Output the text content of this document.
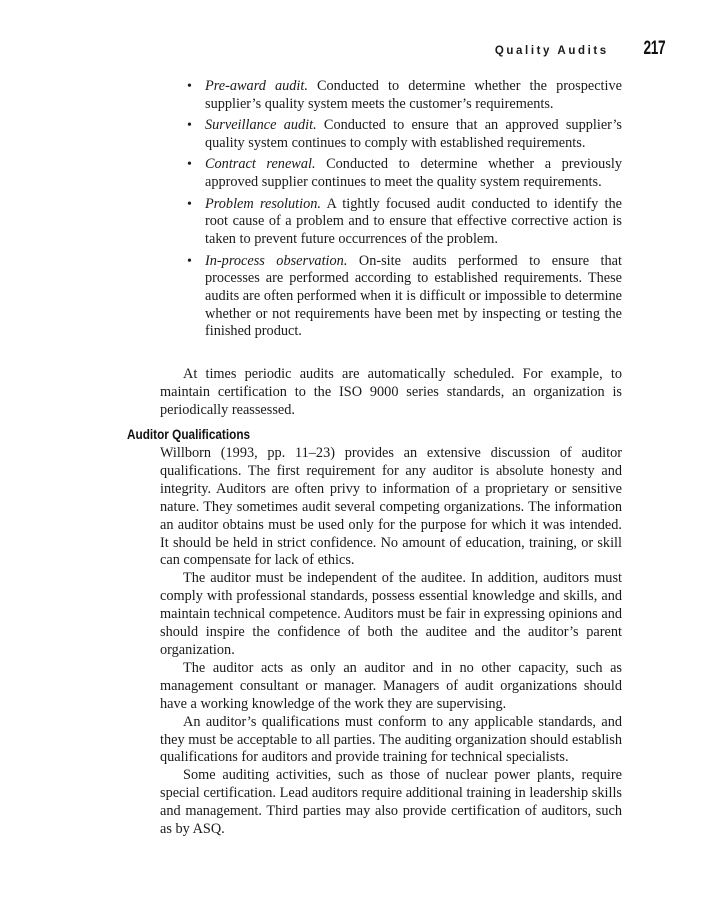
Quality Audits 217
• Pre-award audit. Conducted to determine whether the prospective supplier’s quality system meets the customer’s requirements.
• Surveillance audit. Conducted to ensure that an approved supplier’s quality system continues to comply with established requirements.
• Contract renewal. Conducted to determine whether a previously approved supplier continues to meet the quality system requirements.
• Problem resolution. A tightly focused audit conducted to identify the root cause of a problem and to ensure that effective corrective action is taken to prevent future occurrences of the problem.
• In-process observation. On-site audits performed to ensure that processes are performed according to established requirements. These audits are often performed when it is difficult or impossible to determine whether or not requirements have been met by inspecting or testing the finished product.

At times periodic audits are automatically scheduled. For example, to maintain certification to the ISO 9000 series standards, an organization is periodically reassessed.

Auditor Qualifications

Willborn (1993, pp. 11–23) provides an extensive discussion of auditor qualifications. The first requirement for any auditor is absolute honesty and integrity. Auditors are often privy to information of a proprietary or sensitive nature. They sometimes audit several competing organizations. The information an auditor obtains must be used only for the purpose for which it was intended. It should be held in strict confidence. No amount of education, training, or skill can compensate for lack of ethics.

The auditor must be independent of the auditee. In addition, auditors must comply with professional standards, possess essential knowledge and skills, and maintain technical competence. Auditors must be fair in expressing opinions and should inspire the confidence of both the auditee and the auditor’s parent organization.

The auditor acts as only an auditor and in no other capacity, such as management consultant or manager. Managers of audit organizations should have a working knowledge of the work they are supervising.

An auditor’s qualifications must conform to any applicable standards, and they must be acceptable to all parties. The auditing organization should establish qualifications for auditors and provide training for technical specialists.

Some auditing activities, such as those of nuclear power plants, require special certification. Lead auditors require additional training in leadership skills and management. Third parties may also provide certification of auditors, such as by ASQ.
